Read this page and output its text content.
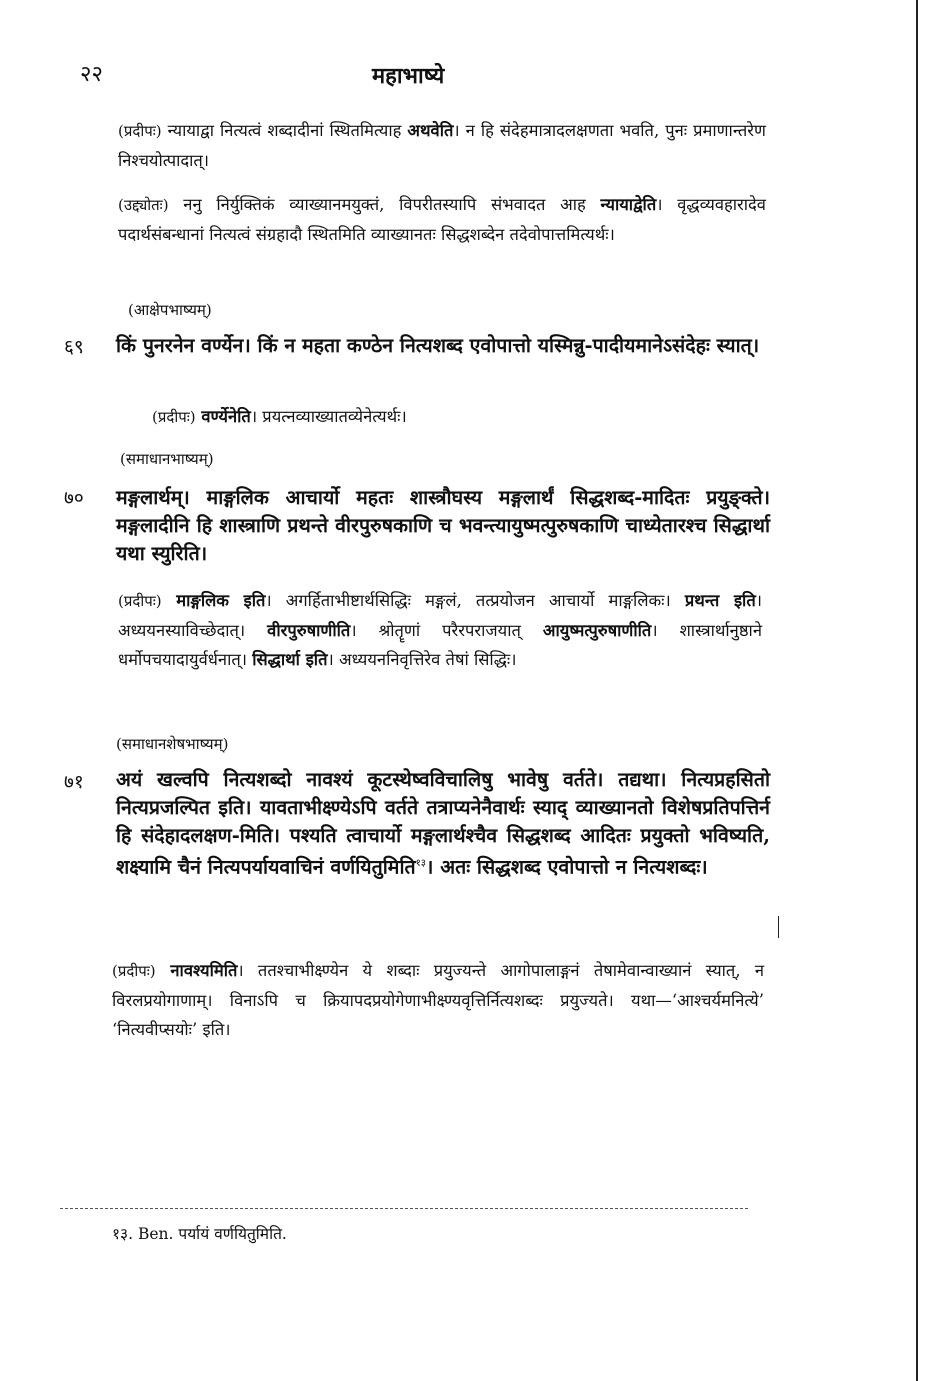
२२	महाभाष्ये
(प्रदीपः) न्यायाद्वा नित्यत्वं शब्दादीनां स्थितमित्याह अथवेति। न हि संदेहमात्रादलक्षणता भवति, पुनः प्रमाणान्तरेण निश्चयोत्पादात्।
(उद्द्योतः) ननु निर्युक्तिकं व्याख्यानमयुक्तं, विपरीतस्यापि संभवादत आह न्यायाद्वेति। वृद्धव्यवहारादेव पदार्थसंबन्धानां नित्यत्वं संग्रहादौ स्थितमिति व्याख्यानतः सिद्धशब्देन तदेवोपात्तमित्यर्थः।
(आक्षेपभाष्यम्)
६९ किं पुनरनेन वर्ण्येन। किं न महता कण्ठेन नित्यशब्द एवोपात्तो यस्मिन्नु-पादीयमानेऽसंदेहः स्यात्।
(प्रदीपः) वर्ण्येनेति। प्रयत्नव्याख्यातव्येनेत्यर्थः।
(समाधानभाष्यम्)
७० मङ्गलार्थम्। माङ्गलिक आचार्यो महतः शास्त्रौघस्य मङ्गलार्थं सिद्धशब्द-मादितः प्रयुङ्क्ते। मङ्गलादीनि हि शास्त्राणि प्रथन्ते वीरपुरुषकाणि च भवन्त्यायुष्मत्पुरुषकाणि चाध्येतारश्च सिद्धार्था यथा स्युरिति।
(प्रदीपः) माङ्गलिक इति। अगर्हिताभीष्टार्थसिद्धिः मङ्गलं, तत्प्रयोजन आचार्यो माङ्गलिकः। प्रथन्त इति। अध्ययनस्याविच्छेदात्। वीरपुरुषाणीति। श्रोतॄणां परैरपराजयात् आयुष्मत्पुरुषाणीति। शास्त्रार्थानुष्ठाने धर्मोपचयादायुर्वर्धनात्। सिद्धार्था इति। अध्ययननिवृत्तिरेव तेषां सिद्धिः।
(समाधानशेषभाष्यम्)
७१ अयं खल्वपि नित्यशब्दो नावश्यं कूटस्थेष्वविचालिषु भावेषु वर्तते। तद्यथा। नित्यप्रहसितो नित्यप्रजल्पित इति। यावताभीक्ष्ण्येऽपि वर्तते तत्राप्यनेनैवार्थः स्याद् व्याख्यानतो विशेषप्रतिपत्तिर्न हि संदेहादलक्षण-मिति। पश्यति त्वाचार्यो मङ्गलार्थश्चैव सिद्धशब्द आदितः प्रयुक्तो भविष्यति, शक्ष्यामि चैनं नित्यपर्यायवाचिनं वर्णयितुमिति$^{१३}$। अतः सिद्धशब्द एवोपात्तो न नित्यशब्दः।
(प्रदीपः) नावश्यमिति। ततश्चाभीक्ष्ण्येन ये शब्दाः प्रयुज्यन्ते आगोपालाङ्गनं तेषामेवान्वाख्यानं स्यात्, न विरलप्रयोगाणाम्। विनाऽपि च क्रियापदप्रयोगेणाभीक्ष्ण्यवृत्तिर्नित्यशब्दः प्रयुज्यते। यथा—‘आश्चर्यमनित्ये’ ‘नित्यवीप्सयोः’ इति।
१३. Ben. पर्यायं वर्णयितुमिति.
